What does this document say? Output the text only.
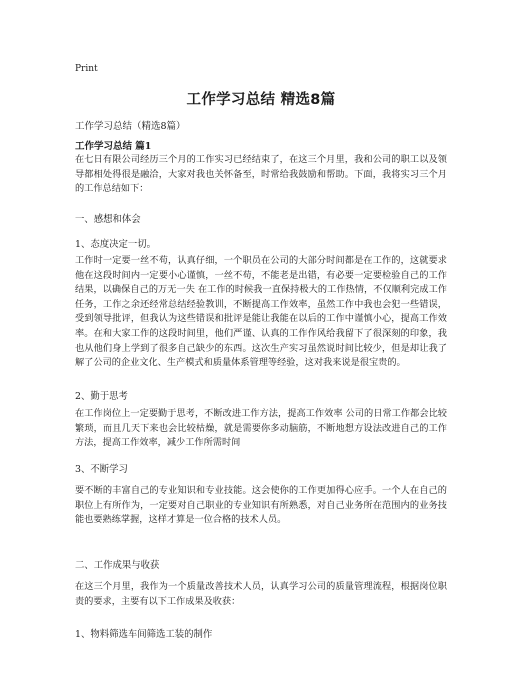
Print
工作学习总结 精选8篇

工作学习总结（精选8篇）

工作学习总结 篇1

在七日有限公司经历三个月的工作实习已经结束了，在这三个月里，我和公司的职工以及领导都相处得很是融洽，大家对我也关怀备至，时常给我鼓励和帮助。下面，我将实习三个月的工作总结如下：

一、感想和体会

1、态度决定一切。

工作时一定要一丝不苟，认真仔细，一个职员在公司的大部分时间都是在工作的，这就要求他在这段时间内一定要小心谨慎，一丝不苟，不能老是出错，有必要一定要检验自己的工作结果，以确保自己的万无一失 在工作的时候我一直保持极大的工作热情，不仅顺利完成工作任务，工作之余还经常总结经验教训，不断提高工作效率，虽然工作中我也会犯一些错误，受到领导批评，但我认为这些错误和批评是能让我能在以后的工作中谨慎小心，提高工作效率。在和大家工作的这段时间里，他们严谨、认真的工作作风给我留下了很深刻的印象，我也从他们身上学到了很多自己缺少的东西。这次生产实习虽然说时间比较少，但是却让我了解了公司的企业文化、生产模式和质量体系管理等经验，这对我来说是很宝贵的。

2、勤于思考

在工作岗位上一定要勤于思考，不断改进工作方法，提高工作效率 公司的日常工作都会比较繁琐，而且几天下来也会比较枯燥，就是需要你多动脑筋，不断地想方设法改进自己的工作方法，提高工作效率，减少工作所需时间

3、不断学习

要不断的丰富自己的专业知识和专业技能。这会使你的工作更加得心应手。一个人在自己的职位上有所作为，一定要对自己职业的专业知识有所熟悉，对自己业务所在范围内的业务技能也要熟练掌握，这样才算是一位合格的技术人员。

二、工作成果与收获

在这三个月里，我作为一个质量改善技术人员，认真学习公司的质量管理流程，根据岗位职责的要求，主要有以下工作成果及收获：

1、物料筛选车间筛选工装的制作
